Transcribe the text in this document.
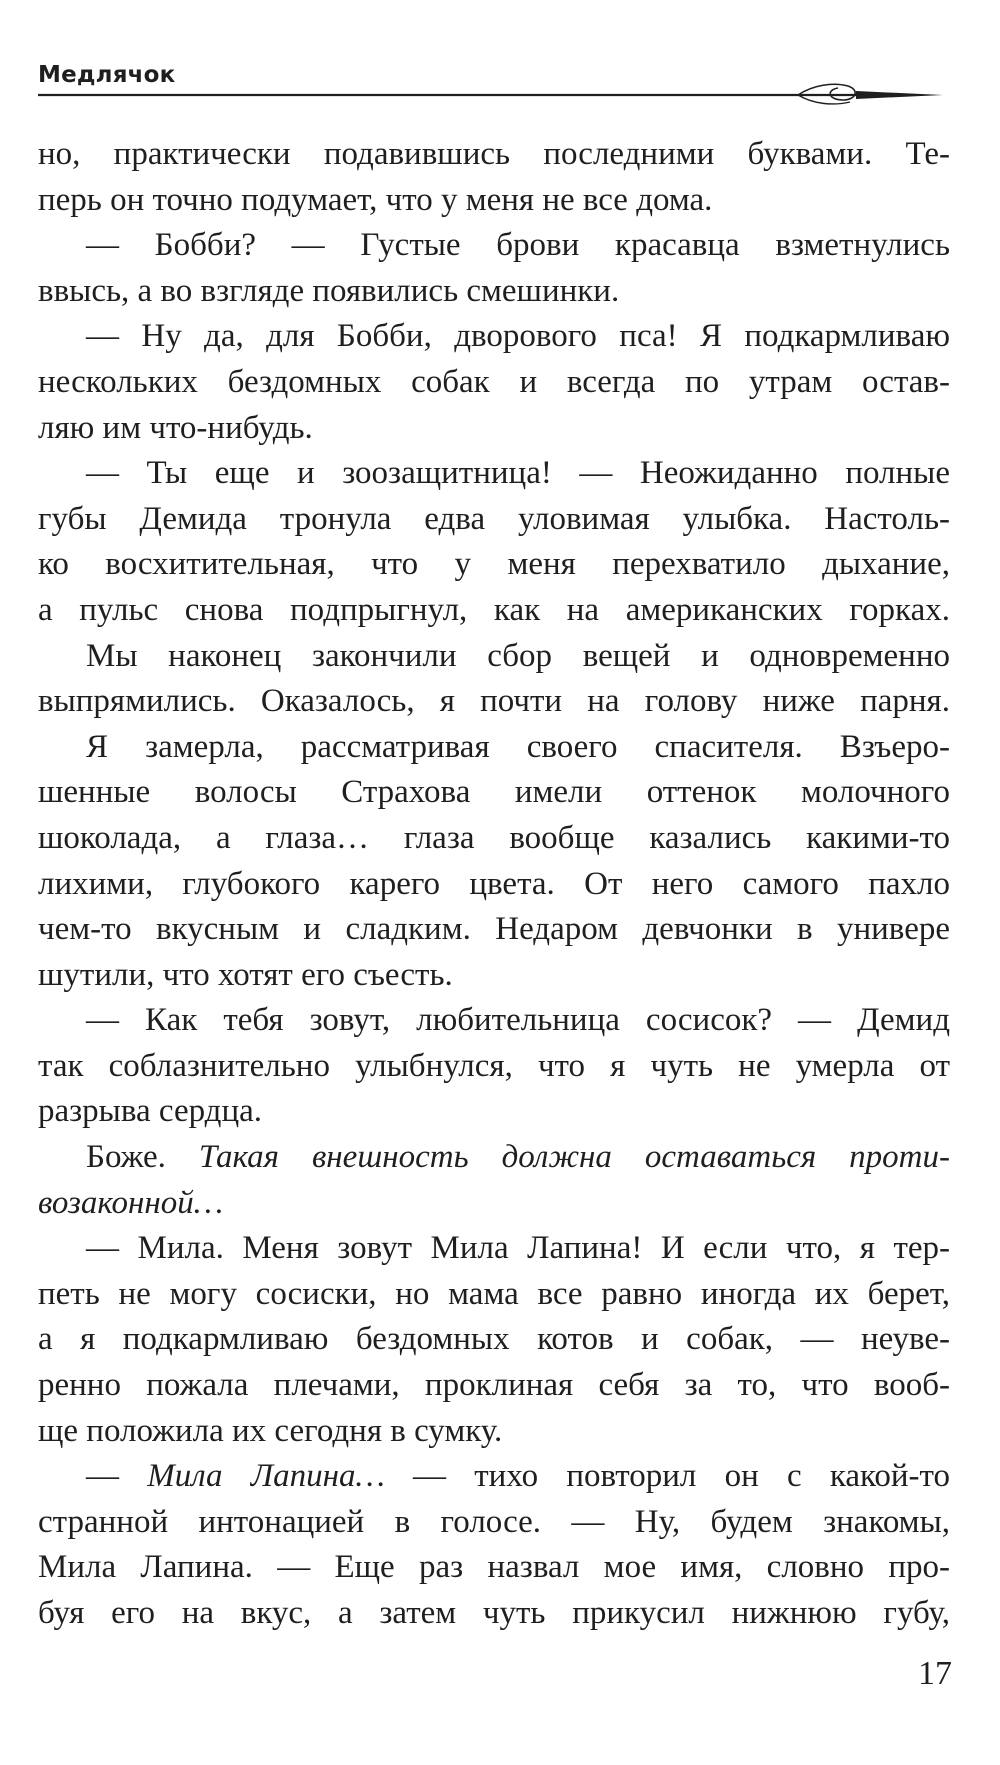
Медлячок
но, практически подавившись последними буквами. Те-
перь он точно подумает, что у меня не все дома.
— Бобби? — Густые брови красавца взметнулись
ввысь, а во взгляде появились смешинки.
— Ну да, для Бобби, дворового пса! Я подкармливаю
нескольких бездомных собак и всегда по утрам остав-
ляю им что-нибудь.
— Ты еще и зоозащитница! — Неожиданно полные
губы Демида тронула едва уловимая улыбка. Настоль-
ко восхитительная, что у меня перехватило дыхание,
а пульс снова подпрыгнул, как на американских горках.
Мы наконец закончили сбор вещей и одновременно
выпрямились. Оказалось, я почти на голову ниже парня.
Я замерла, рассматривая своего спасителя. Взъеро-
шенные волосы Страхова имели оттенок молочного
шоколада, а глаза… глаза вообще казались какими-то
лихими, глубокого карего цвета. От него самого пахло
чем-то вкусным и сладким. Недаром девчонки в универе
шутили, что хотят его съесть.
— Как тебя зовут, любительница сосисок? — Демид
так соблазнительно улыбнулся, что я чуть не умерла от
разрыва сердца.
Боже. Такая внешность должна оставаться проти-
возаконной…
— Мила. Меня зовут Мила Лапина! И если что, я тер-
петь не могу сосиски, но мама все равно иногда их берет,
а я подкармливаю бездомных котов и собак, — неуве-
ренно пожала плечами, проклиная себя за то, что вооб-
ще положила их сегодня в сумку.
— Мила Лапина… — тихо повторил он с какой-то
странной интонацией в голосе. — Ну, будем знакомы,
Мила Лапина. — Еще раз назвал мое имя, словно про-
буя его на вкус, а затем чуть прикусил нижнюю губу,
17
